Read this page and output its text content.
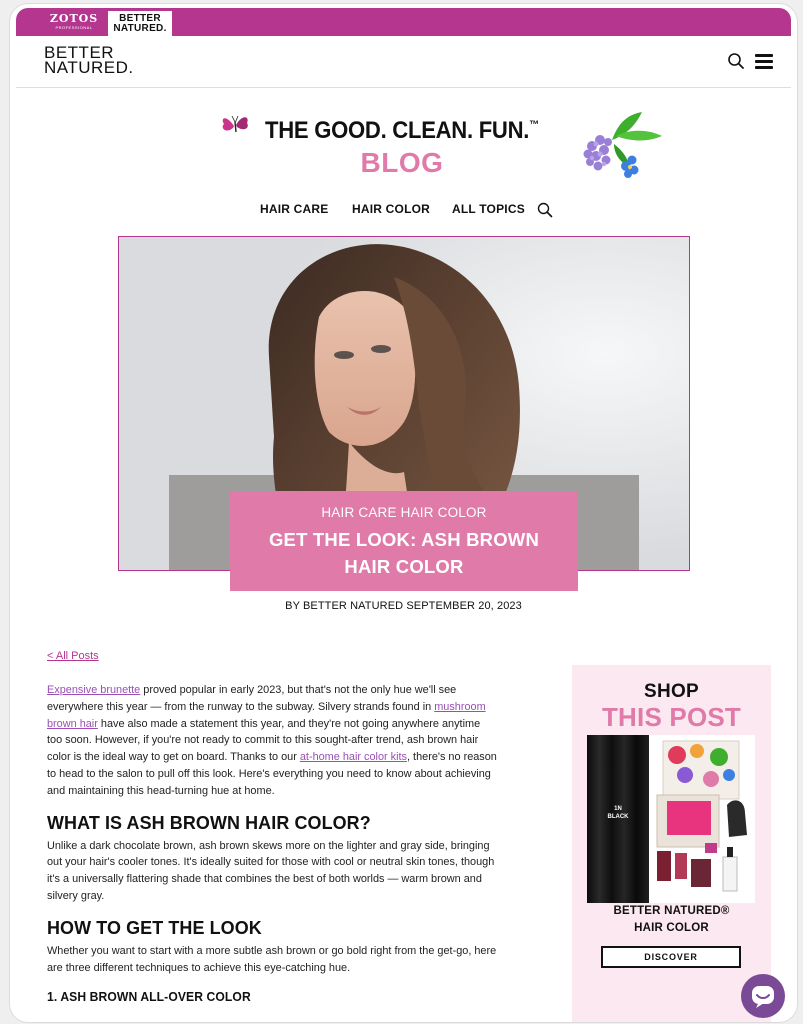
ZOTOS
PROFESSIONAL
BETTER
NATURED.
BETTER
NATURED.
THE GOOD. CLEAN. FUN.™
BLOG
HAIR CARE HAIR COLOR ALL TOPICS
HAIR CARE HAIR COLOR
GET THE LOOK: ASH BROWN HAIR COLOR
BY BETTER NATURED SEPTEMBER 20, 2023
< All Posts

Expensive brunette proved popular in early 2023, but that's not the only hue we'll see everywhere this year — from the runway to the subway. Silvery strands found in mushroom brown hair have also made a statement this year, and they're not going anywhere anytime too soon. However, if you're not ready to commit to this sought-after trend, ash brown hair color is the ideal way to get on board. Thanks to our at-home hair color kits, there's no reason to head to the salon to pull off this look. Here's everything you need to know about achieving and maintaining this head-turning hue at home.

WHAT IS ASH BROWN HAIR COLOR?

Unlike a dark chocolate brown, ash brown skews more on the lighter and gray side, bringing out your hair's cooler tones. It's ideally suited for those with cool or neutral skin tones, though it's a universally flattering shade that combines the best of both worlds — warm brown and silvery gray.

HOW TO GET THE LOOK

Whether you want to start with a more subtle ash brown or go bold right from the get-go, here are three different techniques to achieve this eye-catching hue.

1. ASH BROWN ALL-OVER COLOR
SHOP
THIS POST
1N
BLACK
BETTER NATURED®
HAIR COLOR
DISCOVER
